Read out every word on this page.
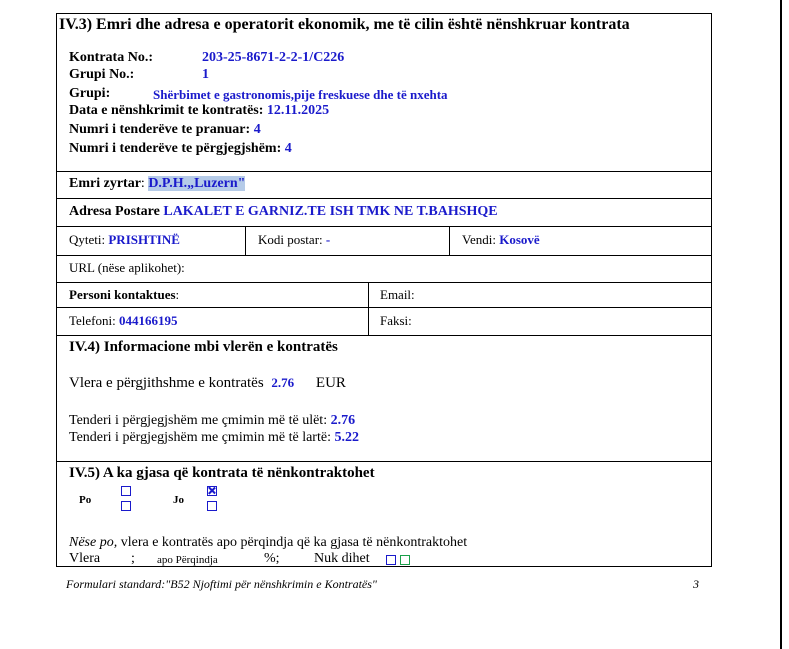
IV.3) Emri dhe adresa e operatorit ekonomik, me të cilin është nënshkruar kontrata
Kontrata No.:	203-25-8671-2-2-1/C226
Grupi No.:	1
Grupi:	Shërbimet e gastronomis,pije freskuese dhe të nxehta
Data e nënshkrimit te kontratës: 12.11.2025
Numri i tenderëve te pranuar: 4
Numri i tenderëve te përgjegjshëm: 4
Emri zyrtar: D.P.H.„Luzern"
Adresa Postare LAKALET E GARNIZ.TE ISH TMK NE T.BAHSHQE
Qyteti: PRISHTINË	Kodi postar: -	Vendi: Kosovë
URL (nëse aplikohet):
Personi kontaktues:	Email:
Telefoni: 044166195	Faksi:
IV.4) Informacione mbi vlerën e kontratës
Vlera e përgjithshme e kontratës 2.76 EUR
Tenderi i përgjegjshëm me çmimin më të ulët: 2.76
Tenderi i përgjegjshëm me çmimin më të lartë: 5.22
IV.5) A ka gjasa që kontrata të nënkontraktohet
Po	Jo
Nëse po, vlera e kontratës apo përqindja që ka gjasa të nënkontraktohet
Vlera ; apo Përqindja	%; Nuk dihet
Formulari standard:"B52 Njoftimi për nënshkrimin e Kontratës"	3
